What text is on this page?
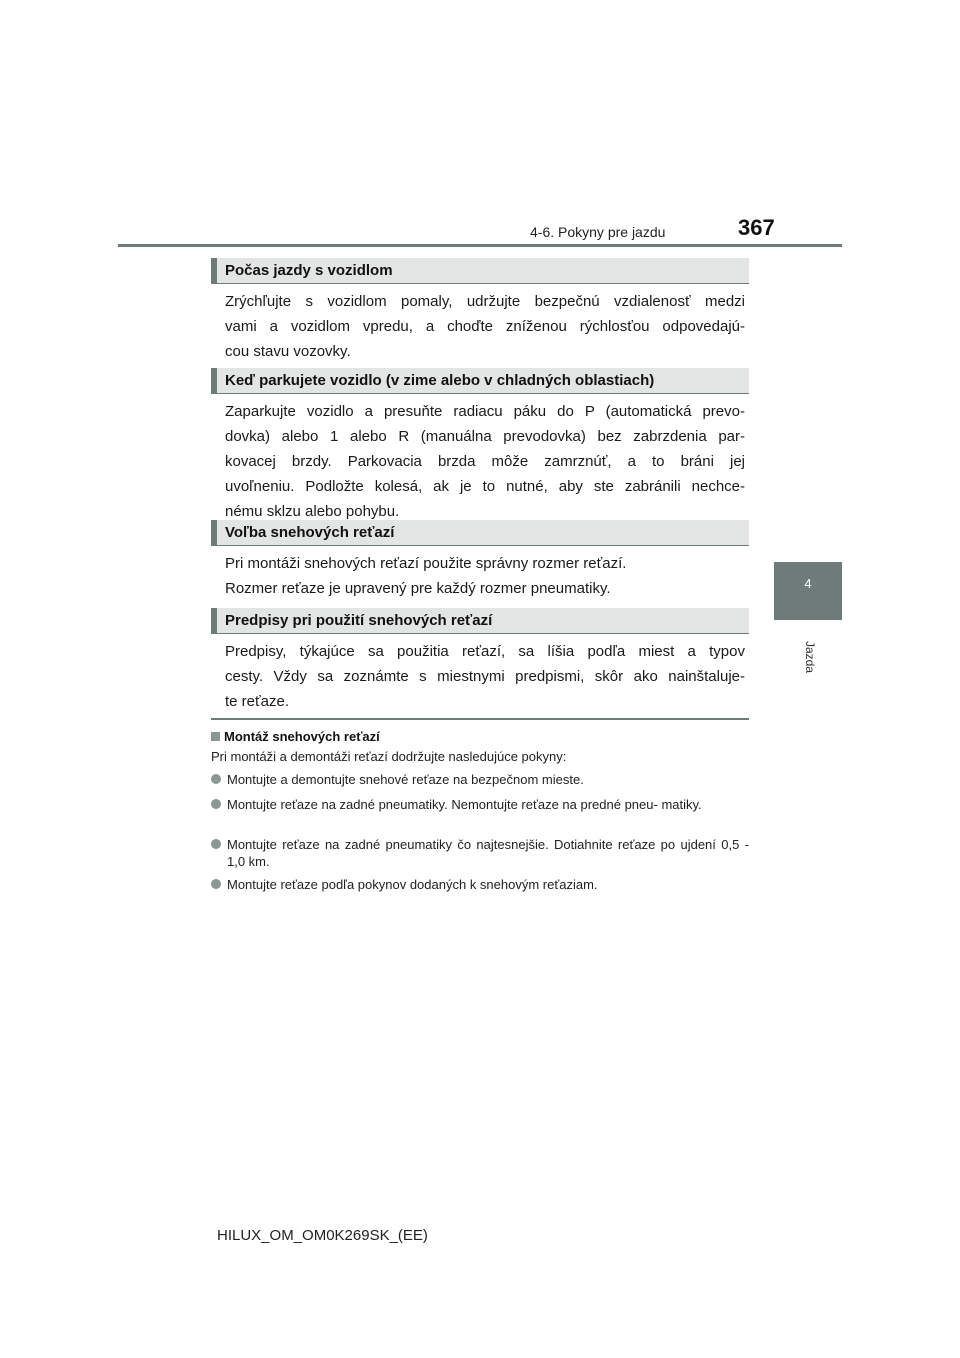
4-6. Pokyny pre jazdu	367
4
Jazda
Počas jazdy s vozidlom
Zrýchľujte s vozidlom pomaly, udržujte bezpečnú vzdialenosť medzi
vami a vozidlom vpredu, a choďte zníženou rýchlosťou odpovedajú-
cou stavu vozovky.
Keď parkujete vozidlo (v zime alebo v chladných oblastiach)
Zaparkujte vozidlo a presuňte radiacu páku do P (automatická prevo-
dovka) alebo 1 alebo R (manuálna prevodovka) bez zabrzdenia par-
kovacej brzdy. Parkovacia brzda môže zamrznúť, a to bráni jej
uvoľneniu. Podložte kolesá, ak je to nutné, aby ste zabránili nechce-
nému sklzu alebo pohybu.
Voľba snehových reťazí
Pri montáži snehových reťazí použite správny rozmer reťazí.
Rozmer reťaze je upravený pre každý rozmer pneumatiky.
Predpisy pri použití snehových reťazí
Predpisy, týkajúce sa použitia reťazí, sa líšia podľa miest a typov
cesty. Vždy sa zoznámte s miestnymi predpismi, skôr ako nainštaluje-
te reťaze.
Montáž snehových reťazí
Pri montáži a demontáži reťazí dodržujte nasledujúce pokyny:
Montujte a demontujte snehové reťaze na bezpečnom mieste.
Montujte reťaze na zadné pneumatiky. Nemontujte reťaze na predné pneu- matiky.
Montujte reťaze na zadné pneumatiky čo najtesnejšie. Dotiahnite reťaze po ujdení 0,5 - 1,0 km.
Montujte reťaze podľa pokynov dodaných k snehovým reťaziam.
HILUX_OM_OM0K269SK_(EE)
